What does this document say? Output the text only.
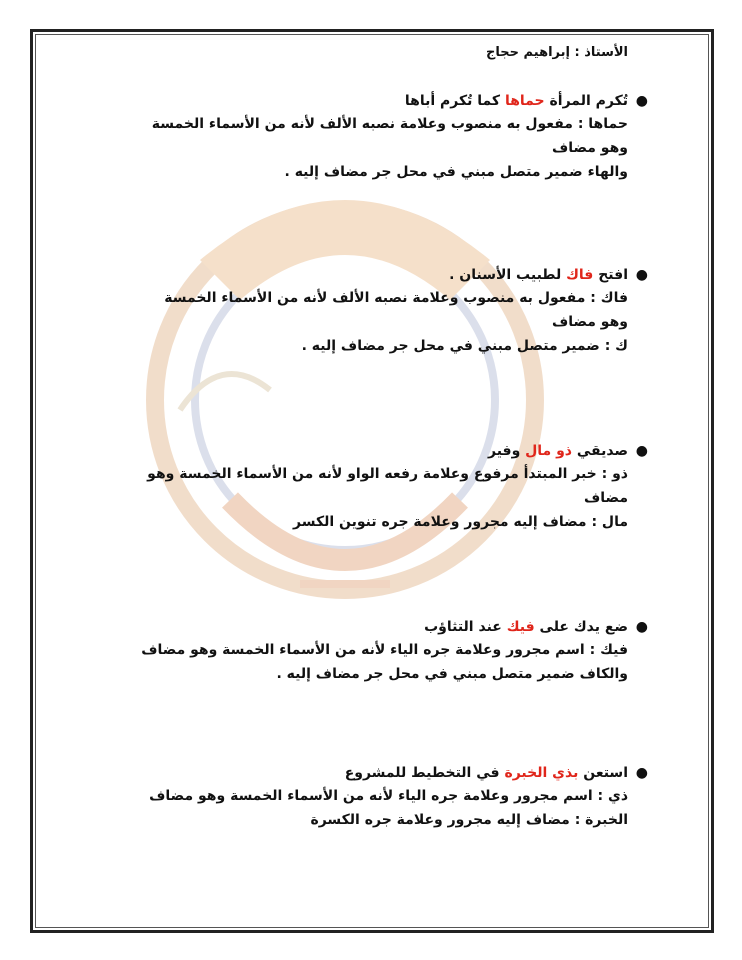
الأستاذ : إبراهيم حجاج

●
تُكرم المرأة حماها كما تُكرم أباها

حماها : مفعول به منصوب وعلامة نصبه الألف لأنه من الأسماء الخمسة

وهو مضاف

والهاء ضمير متصل مبني في محل جر مضاف إليه .

●
افتح فاك لطبيب الأسنان .

فاك : مفعول به منصوب وعلامة نصبه الألف لأنه من الأسماء الخمسة

وهو مضاف

ك : ضمير متصل مبني في محل جر مضاف إليه .

●
صديقي ذو مال وفير

ذو : خبر المبتدأ مرفوع وعلامة رفعه الواو لأنه من الأسماء الخمسة وهو

مضاف

مال : مضاف إليه مجرور وعلامة جره تنوين الكسر

●
ضع يدك على فيك عند التثاؤب

فيك : اسم مجرور وعلامة جره الياء لأنه من الأسماء الخمسة وهو مضاف

والكاف ضمير متصل مبني في محل جر مضاف إليه .

●
استعن بذي الخبرة في التخطيط للمشروع

ذي : اسم مجرور وعلامة جره الياء لأنه من الأسماء الخمسة وهو مضاف

الخبرة : مضاف إليه مجرور وعلامة جره الكسرة
